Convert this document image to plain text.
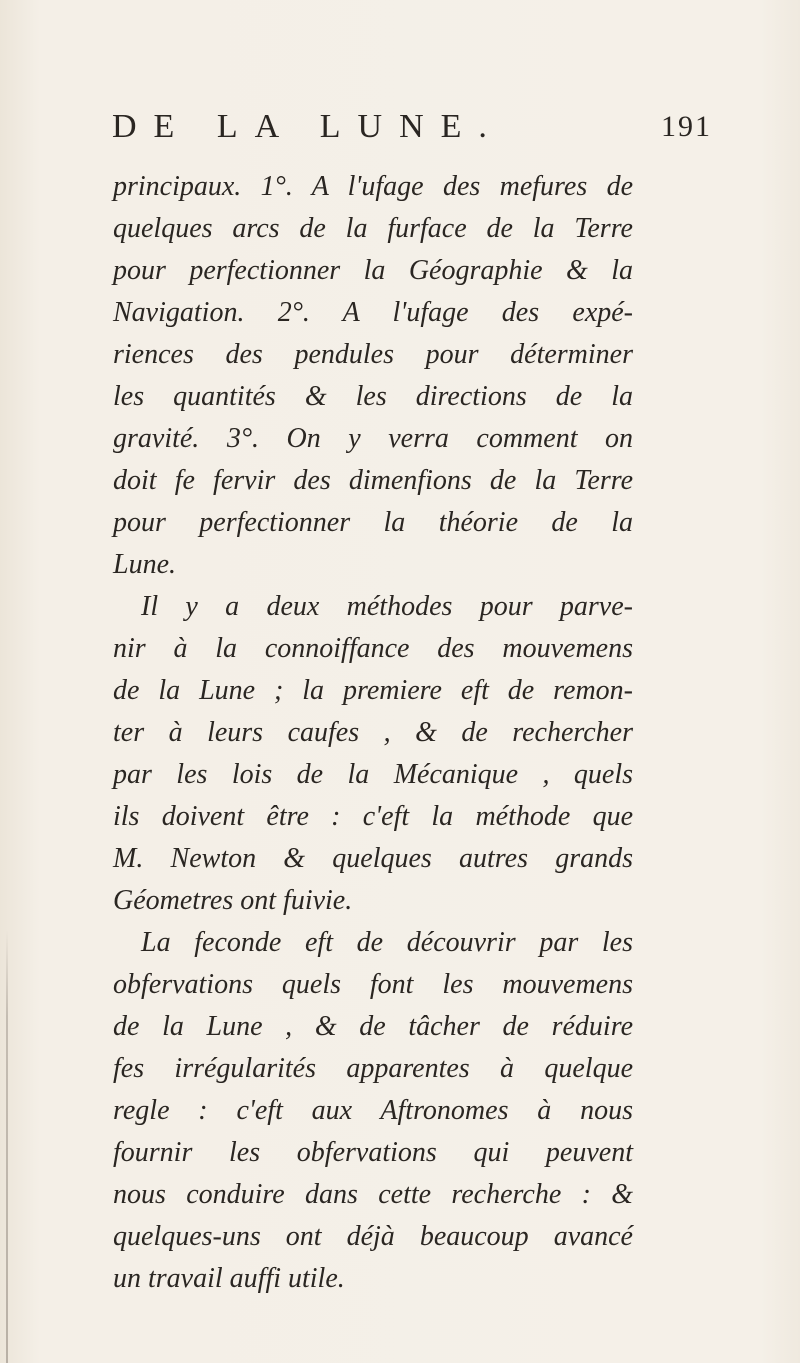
DE LA LUNE.	191
principaux. 1°. A l'ufage des mefures de
quelques arcs de la furface de la Terre
pour perfectionner la Géographie & la
Navigation. 2°. A l'ufage des expé-
riences des pendules pour déterminer
les quantités & les directions de la
gravité. 3°. On y verra comment on
doit fe fervir des dimenfions de la Terre
pour perfectionner la théorie de la
Lune.
Il y a deux méthodes pour parve-
nir à la connoiffance des mouvemens
de la Lune ; la premiere eft de remon-
ter à leurs caufes , & de rechercher
par les lois de la Mécanique , quels
ils doivent être : c'eft la méthode que
M. Newton & quelques autres grands
Géometres ont fuivie.
La feconde eft de découvrir par les
obfervations quels font les mouvemens
de la Lune , & de tâcher de réduire
fes irrégularités apparentes à quelque
regle : c'eft aux Aftronomes à nous
fournir les obfervations qui peuvent
nous conduire dans cette recherche : &
quelques-uns ont déjà beaucoup avancé
un travail auffi utile.
